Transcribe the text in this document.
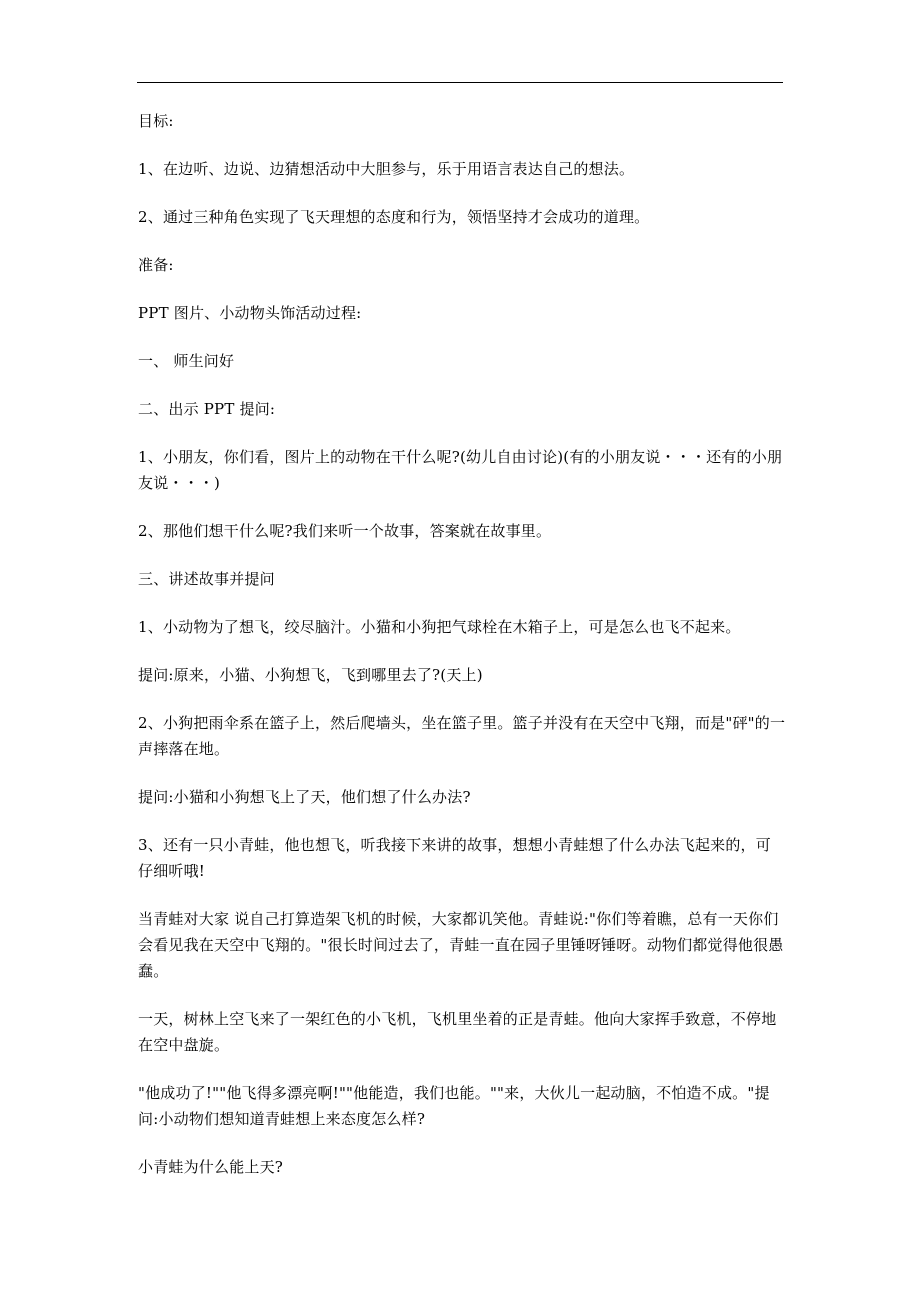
目标:

1、在边听、边说、边猜想活动中大胆参与，乐于用语言表达自己的想法。

2、通过三种角色实现了飞天理想的态度和行为，领悟坚持才会成功的道理。

准备:

PPT 图片、小动物头饰活动过程:

一、 师生问好

二、出示 PPT 提问:

1、小朋友，你们看，图片上的动物在干什么呢?(幼儿自由讨论)(有的小朋友说・・・还有的小朋友说・・・)

2、那他们想干什么呢?我们来听一个故事，答案就在故事里。

三、讲述故事并提问

1、小动物为了想飞，绞尽脑汁。小猫和小狗把气球栓在木箱子上，可是怎么也飞不起来。

提问:原来，小猫、小狗想飞，飞到哪里去了?(天上)

2、小狗把雨伞系在篮子上，然后爬墙头，坐在篮子里。篮子并没有在天空中飞翔，而是"砰"的一声摔落在地。

提问:小猫和小狗想飞上了天，他们想了什么办法?

3、还有一只小青蛙，他也想飞，听我接下来讲的故事，想想小青蛙想了什么办法飞起来的，可仔细听哦!

当青蛙对大家 说自己打算造架飞机的时候，大家都讥笑他。青蛙说:"你们等着瞧，总有一天你们会看见我在天空中飞翔的。"很长时间过去了，青蛙一直在园子里锤呀锤呀。动物们都觉得他很愚蠢。

一天，树林上空飞来了一架红色的小飞机，飞机里坐着的正是青蛙。他向大家挥手致意，不停地在空中盘旋。

"他成功了!""他飞得多漂亮啊!""他能造，我们也能。""来，大伙儿一起动脑，不怕造不成。"提问:小动物们想知道青蛙想上来态度怎么样?

小青蛙为什么能上天?
